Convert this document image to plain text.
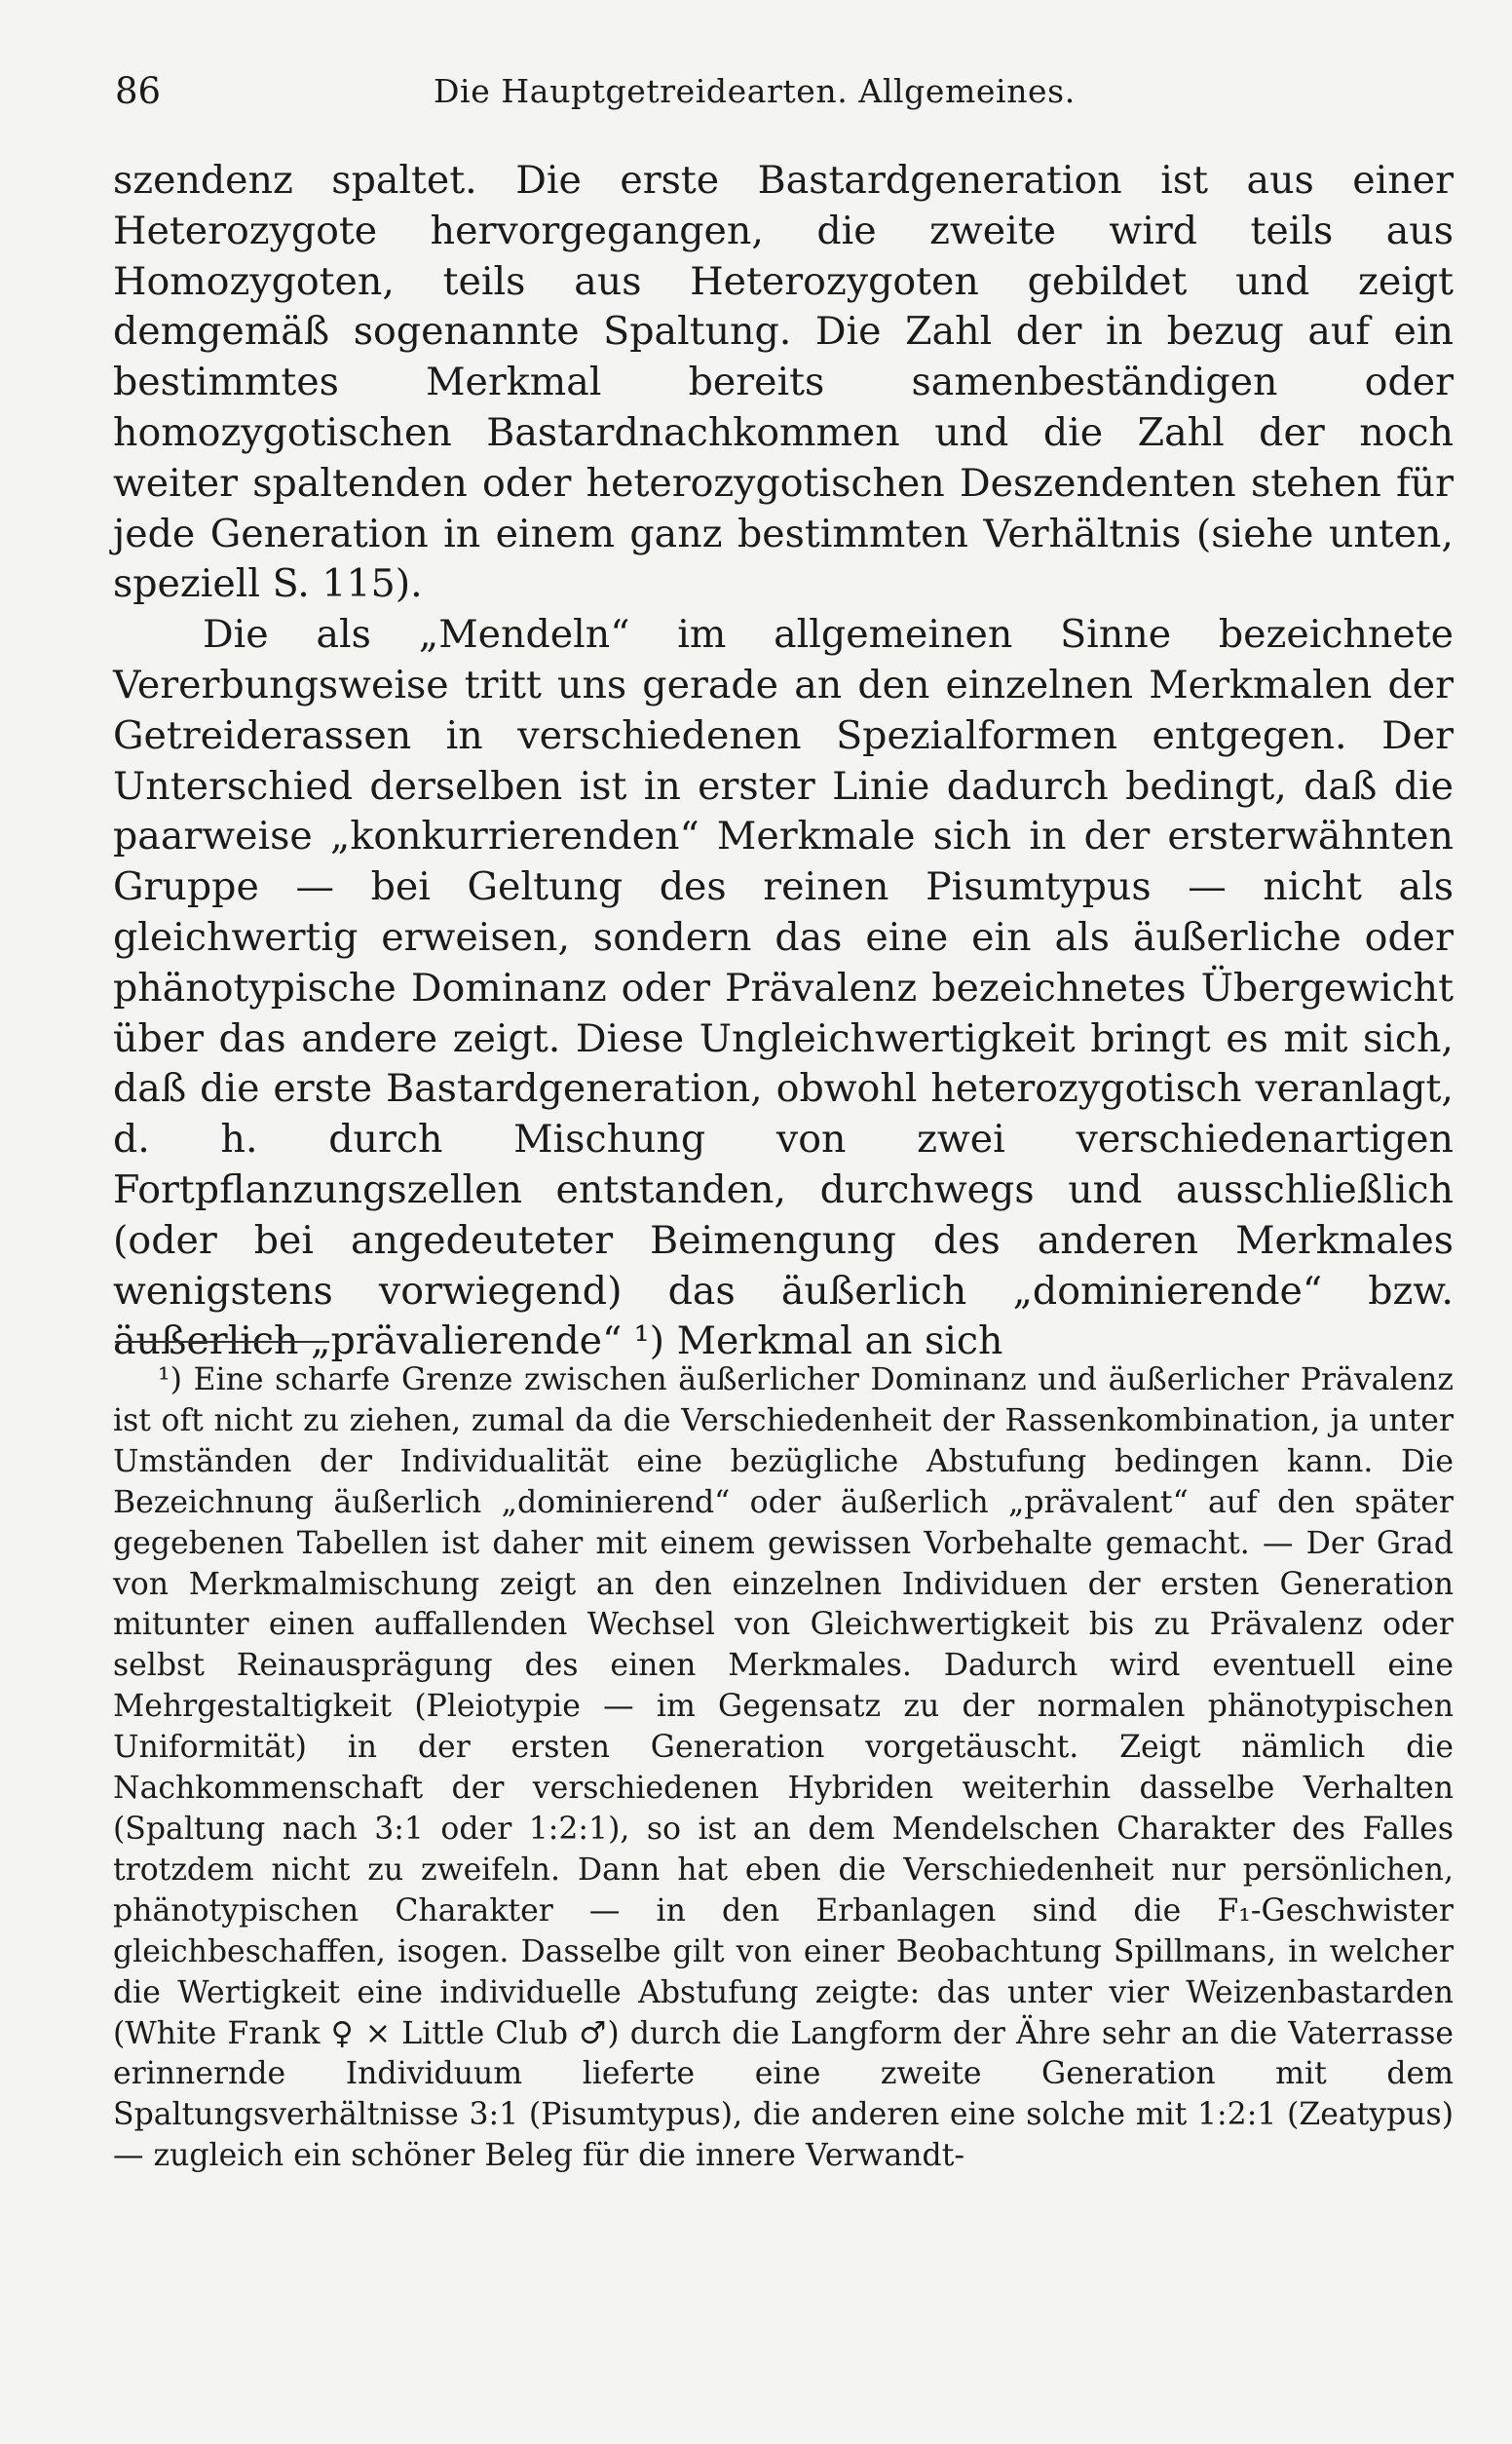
86	Die Hauptgetreidearten. Allgemeines.

szendenz spaltet. Die erste Bastardgeneration ist aus einer Heterozygote hervorgegangen, die zweite wird teils aus Homozygoten, teils aus Heterozygoten gebildet und zeigt demgemäß sogenannte Spaltung. Die Zahl der in bezug auf ein bestimmtes Merkmal bereits samenbeständigen oder homozygotischen Bastardnachkommen und die Zahl der noch weiter spaltenden oder heterozygotischen Deszendenten stehen für jede Generation in einem ganz bestimmten Verhältnis (siehe unten, speziell S. 115).

Die als „Mendeln“ im allgemeinen Sinne bezeichnete Vererbungsweise tritt uns gerade an den einzelnen Merkmalen der Getreiderassen in verschiedenen Spezialformen entgegen. Der Unterschied derselben ist in erster Linie dadurch bedingt, daß die paarweise „konkurrierenden“ Merkmale sich in der ersterwähnten Gruppe — bei Geltung des reinen Pisumtypus — nicht als gleichwertig erweisen, sondern das eine ein als äußerliche oder phänotypische Dominanz oder Prävalenz bezeichnetes Übergewicht über das andere zeigt. Diese Ungleichwertigkeit bringt es mit sich, daß die erste Bastardgeneration, obwohl heterozygotisch veranlagt, d. h. durch Mischung von zwei verschiedenartigen Fortpflanzungszellen entstanden, durchwegs und ausschließlich (oder bei angedeuteter Beimengung des anderen Merkmales wenigstens vorwiegend) das äußerlich „dominierende“ bzw. äußerlich „prävalierende“ ¹) Merkmal an sich

¹) Eine scharfe Grenze zwischen äußerlicher Dominanz und äußerlicher Prävalenz ist oft nicht zu ziehen, zumal da die Verschiedenheit der Rassenkombination, ja unter Umständen der Individualität eine bezügliche Abstufung bedingen kann. Die Bezeichnung äußerlich „dominierend“ oder äußerlich „prävalent“ auf den später gegebenen Tabellen ist daher mit einem gewissen Vorbehalte gemacht. — Der Grad von Merkmalmischung zeigt an den einzelnen Individuen der ersten Generation mitunter einen auffallenden Wechsel von Gleichwertigkeit bis zu Prävalenz oder selbst Reinausprägung des einen Merkmales. Dadurch wird eventuell eine Mehrgestaltigkeit (Pleiotypie — im Gegensatz zu der normalen phänotypischen Uniformität) in der ersten Generation vorgetäuscht. Zeigt nämlich die Nachkommenschaft der verschiedenen Hybriden weiterhin dasselbe Verhalten (Spaltung nach 3:1 oder 1:2:1), so ist an dem Mendelschen Charakter des Falles trotzdem nicht zu zweifeln. Dann hat eben die Verschiedenheit nur persönlichen, phänotypischen Charakter — in den Erbanlagen sind die F₁-Geschwister gleichbeschaffen, isogen. Dasselbe gilt von einer Beobachtung Spillmans, in welcher die Wertigkeit eine individuelle Abstufung zeigte: das unter vier Weizenbastarden (White Frank ♀ × Little Club ♂) durch die Langform der Ähre sehr an die Vaterrasse erinnernde Individuum lieferte eine zweite Generation mit dem Spaltungsverhältnisse 3:1 (Pisumtypus), die anderen eine solche mit 1:2:1 (Zeatypus) — zugleich ein schöner Beleg für die innere Verwandt-
